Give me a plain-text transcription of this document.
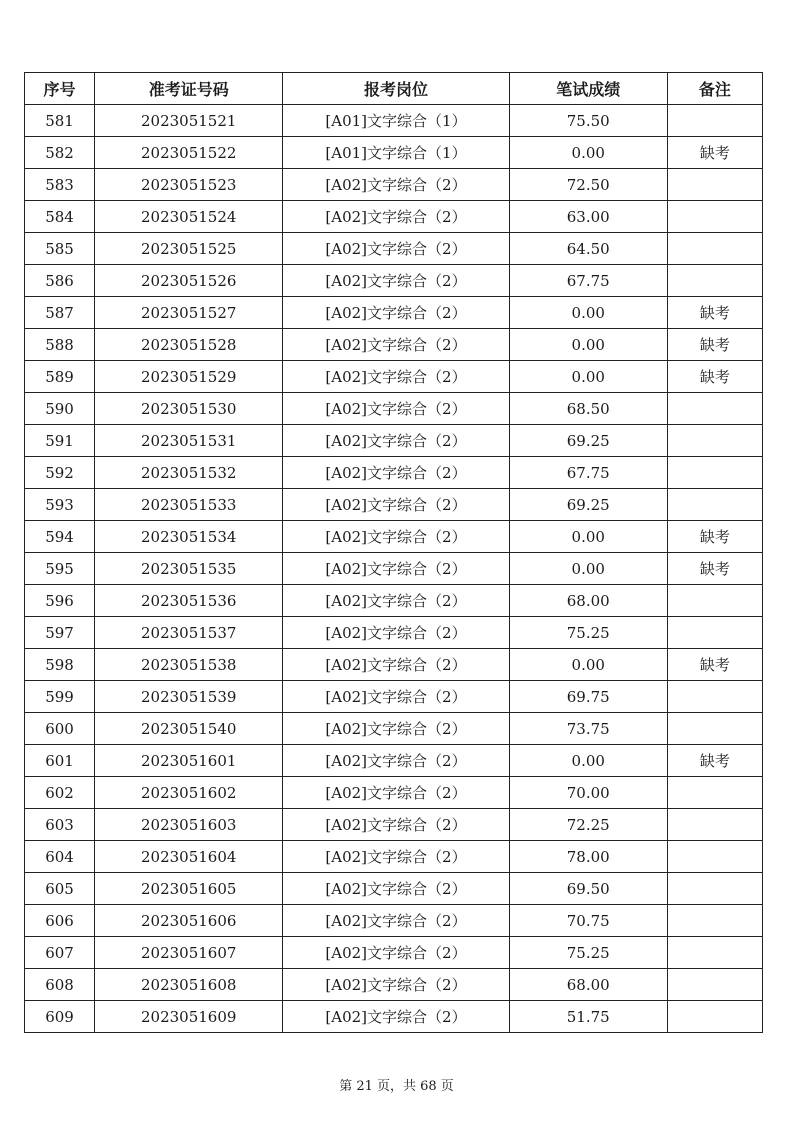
序号	准考证号码	报考岗位	笔试成绩	备注
581	2023051521	[A01]文字综合（1）	75.50	
582	2023051522	[A01]文字综合（1）	0.00	缺考
583	2023051523	[A02]文字综合（2）	72.50	
584	2023051524	[A02]文字综合（2）	63.00	
585	2023051525	[A02]文字综合（2）	64.50	
586	2023051526	[A02]文字综合（2）	67.75	
587	2023051527	[A02]文字综合（2）	0.00	缺考
588	2023051528	[A02]文字综合（2）	0.00	缺考
589	2023051529	[A02]文字综合（2）	0.00	缺考
590	2023051530	[A02]文字综合（2）	68.50	
591	2023051531	[A02]文字综合（2）	69.25	
592	2023051532	[A02]文字综合（2）	67.75	
593	2023051533	[A02]文字综合（2）	69.25	
594	2023051534	[A02]文字综合（2）	0.00	缺考
595	2023051535	[A02]文字综合（2）	0.00	缺考
596	2023051536	[A02]文字综合（2）	68.00	
597	2023051537	[A02]文字综合（2）	75.25	
598	2023051538	[A02]文字综合（2）	0.00	缺考
599	2023051539	[A02]文字综合（2）	69.75	
600	2023051540	[A02]文字综合（2）	73.75	
601	2023051601	[A02]文字综合（2）	0.00	缺考
602	2023051602	[A02]文字综合（2）	70.00	
603	2023051603	[A02]文字综合（2）	72.25	
604	2023051604	[A02]文字综合（2）	78.00	
605	2023051605	[A02]文字综合（2）	69.50	
606	2023051606	[A02]文字综合（2）	70.75	
607	2023051607	[A02]文字综合（2）	75.25	
608	2023051608	[A02]文字综合（2）	68.00	
609	2023051609	[A02]文字综合（2）	51.75	
第 21 页，共 68 页
